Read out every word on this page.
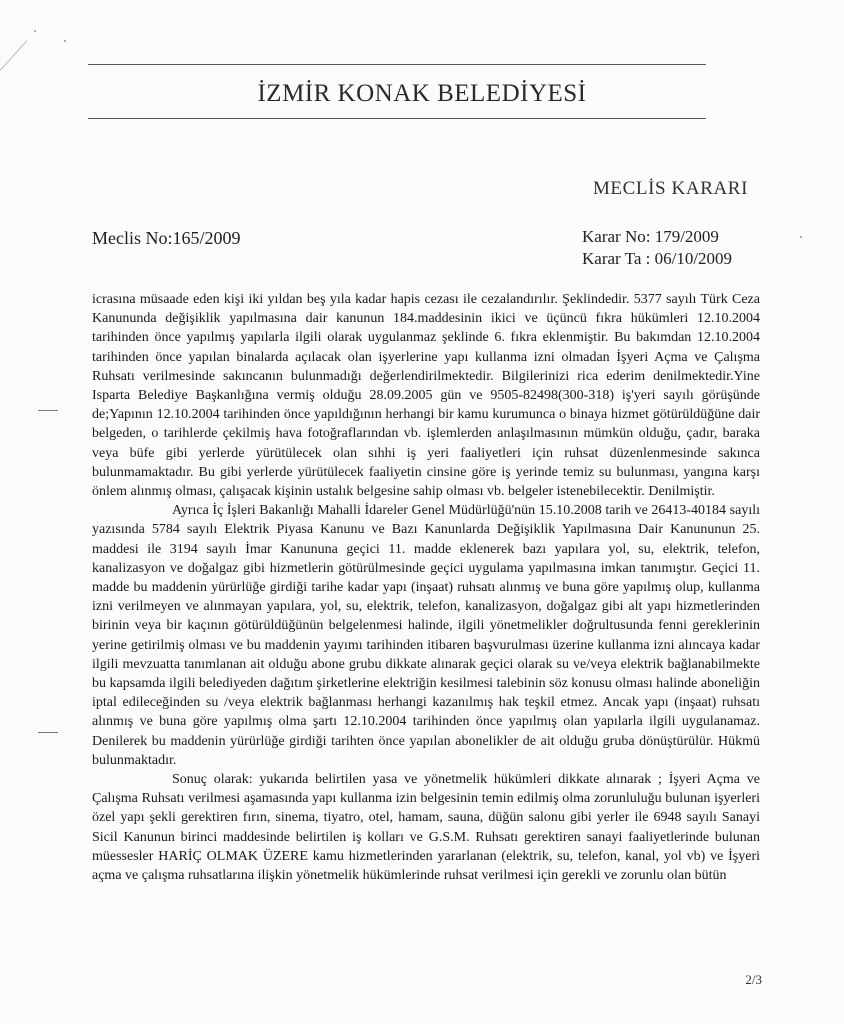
İZMİR KONAK BELEDİYESİ
MECLİS KARARI
Meclis No:165/2009	Karar No: 179/2009
Karar Ta : 06/10/2009

icrasına müsaade eden kişi iki yıldan beş yıla kadar hapis cezası ile cezalandırılır. Şeklindedir. 5377 sayılı Türk Ceza Kanununda değişiklik yapılmasına dair kanunun 184.maddesinin ikici ve üçüncü fıkra hükümleri 12.10.2004 tarihinden önce yapılmış yapılarla ilgili olarak uygulanmaz şeklinde 6. fıkra eklenmiştir. Bu bakımdan 12.10.2004 tarihinden önce yapılan binalarda açılacak olan işyerlerine yapı kullanma izni olmadan İşyeri Açma ve Çalışma Ruhsatı verilmesinde sakıncanın bulunmadığı değerlendirilmektedir. Bilgilerinizi rica ederim denilmektedir.Yine Isparta Belediye Başkanlığına vermiş olduğu 28.09.2005 gün ve 9505-82498(300-318) iş'yeri sayılı görüşünde de;Yapının 12.10.2004 tarihinden önce yapıldığının herhangi bir kamu kurumunca o binaya hizmet götürüldüğüne dair belgeden, o tarihlerde çekilmiş hava fotoğraflarından vb. işlemlerden anlaşılmasının mümkün olduğu, çadır, baraka veya büfe gibi yerlerde yürütülecek olan sıhhi iş yeri faaliyetleri için ruhsat düzenlenmesinde sakınca bulunmamaktadır. Bu gibi yerlerde yürütülecek faaliyetin cinsine göre iş yerinde temiz su bulunması, yangına karşı önlem alınmış olması, çalışacak kişinin ustalık belgesine sahip olması vb. belgeler istenebilecektir. Denilmiştir.

Ayrıca İç İşleri Bakanlığı Mahalli İdareler Genel Müdürlüğü'nün 15.10.2008 tarih ve 26413-40184 sayılı yazısında 5784 sayılı Elektrik Piyasa Kanunu ve Bazı Kanunlarda Değişiklik Yapılmasına Dair Kanununun 25. maddesi ile 3194 sayılı İmar Kanununa geçici 11. madde eklenerek bazı yapılara yol, su, elektrik, telefon, kanalizasyon ve doğalgaz gibi hizmetlerin götürülmesinde geçici uygulama yapılmasına imkan tanımıştır. Geçici 11. madde bu maddenin yürürlüğe girdiği tarihe kadar yapı (inşaat) ruhsatı alınmış ve buna göre yapılmış olup, kullanma izni verilmeyen ve alınmayan yapılara, yol, su, elektrik, telefon, kanalizasyon, doğalgaz gibi alt yapı hizmetlerinden birinin veya bir kaçının götürüldüğünün belgelenmesi halinde, ilgili yönetmelikler doğrultusunda fenni gereklerinin yerine getirilmiş olması ve bu maddenin yayımı tarihinden itibaren başvurulması üzerine kullanma izni alıncaya kadar ilgili mevzuatta tanımlanan ait olduğu abone grubu dikkate alınarak geçici olarak su ve/veya elektrik bağlanabilmekte bu kapsamda ilgili belediyeden dağıtım şirketlerine elektriğin kesilmesi talebinin söz konusu olması halinde aboneliğin iptal edileceğinden su /veya elektrik bağlanması herhangi kazanılmış hak teşkil etmez. Ancak yapı (inşaat) ruhsatı alınmış ve buna göre yapılmış olma şartı 12.10.2004 tarihinden önce yapılmış olan yapılarla ilgili uygulanamaz. Denilerek bu maddenin yürürlüğe girdiği tarihten önce yapılan abonelikler de ait olduğu gruba dönüştürülür. Hükmü bulunmaktadır.

Sonuç olarak: yukarıda belirtilen yasa ve yönetmelik hükümleri dikkate alınarak ; İşyeri Açma ve Çalışma Ruhsatı verilmesi aşamasında yapı kullanma izin belgesinin temin edilmiş olma zorunluluğu bulunan işyerleri özel yapı şekli gerektiren fırın, sinema, tiyatro, otel, hamam, sauna, düğün salonu gibi yerler ile 6948 sayılı Sanayi Sicil Kanunun birinci maddesinde belirtilen iş kolları ve G.S.M. Ruhsatı gerektiren sanayi faaliyetlerinde bulunan müessesler HARİÇ OLMAK ÜZERE kamu hizmetlerinden yararlanan (elektrik, su, telefon, kanal, yol vb) ve İşyeri açma ve çalışma ruhsatlarına ilişkin yönetmelik hükümlerinde ruhsat verilmesi için gerekli ve zorunlu olan bütün

2/3
